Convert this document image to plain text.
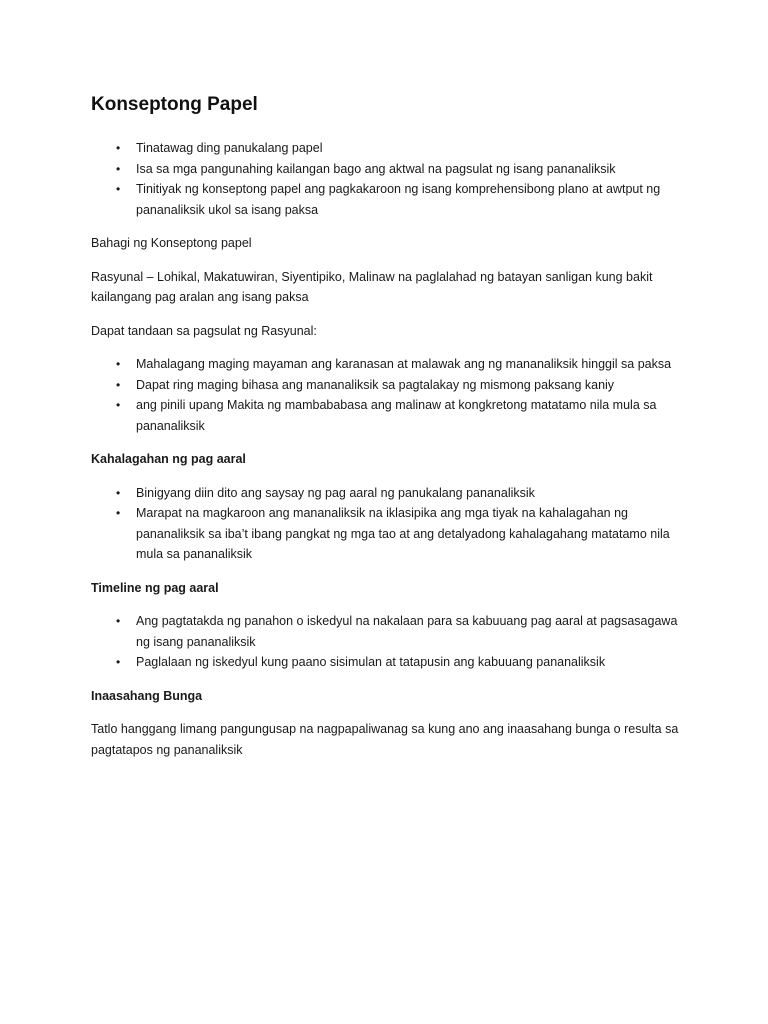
Konseptong Papel
• Tinatawag ding panukalang papel
• Isa sa mga pangunahing kailangan bago ang aktwal na pagsulat ng isang pananaliksik
• Tinitiyak ng konseptong papel ang pagkakaroon ng isang komprehensibong plano at awtput ng pananaliksik ukol sa isang paksa

Bahagi ng Konseptong papel

Rasyunal – Lohikal, Makatuwiran, Siyentipiko, Malinaw na paglalahad ng batayan sanligan kung bakit kailangang pag aralan ang isang paksa

Dapat tandaan sa pagsulat ng Rasyunal:

• Mahalagang maging mayaman ang karanasan at malawak ang ng mananaliksik hinggil sa paksa
• Dapat ring maging bihasa ang mananaliksik sa pagtalakay ng mismong paksang kaniy
• ang pinili upang Makita ng mambababasa ang malinaw at kongkretong matatamo nila mula sa pananaliksik

Kahalagahan ng pag aaral

• Binigyang diin dito ang saysay ng pag aaral ng panukalang pananaliksik
• Marapat na magkaroon ang mananaliksik na iklasipika ang mga tiyak na kahalagahan ng pananaliksik sa iba’t ibang pangkat ng mga tao at ang detalyadong kahalagahang matatamo nila mula sa pananaliksik

Timeline ng pag aaral

• Ang pagtatakda ng panahon o iskedyul na nakalaan para sa kabuuang pag aaral at pagsasagawa ng isang pananaliksik
• Paglalaan ng iskedyul kung paano sisimulan at tatapusin ang kabuuang pananaliksik

Inaasahang Bunga

Tatlo hanggang limang pangungusap na nagpapaliwanag sa kung ano ang inaasahang bunga o resulta sa pagtatapos ng pananaliksik
